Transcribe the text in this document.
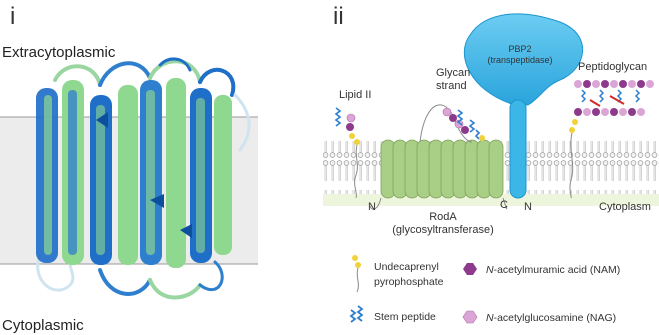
i
Extracytoplasmic
Cytoplasmic
ii
PBP2
(transpeptidase)
Lipid II
Glycan
strand
Peptidoglycan
N	C N	Cytoplasm
RodA
(glycosyltransferase)
Undecaprenyl
pyrophosphate
Stem peptide
N-acetylmuramic acid (NAM)
N-acetylglucosamine (NAG)
